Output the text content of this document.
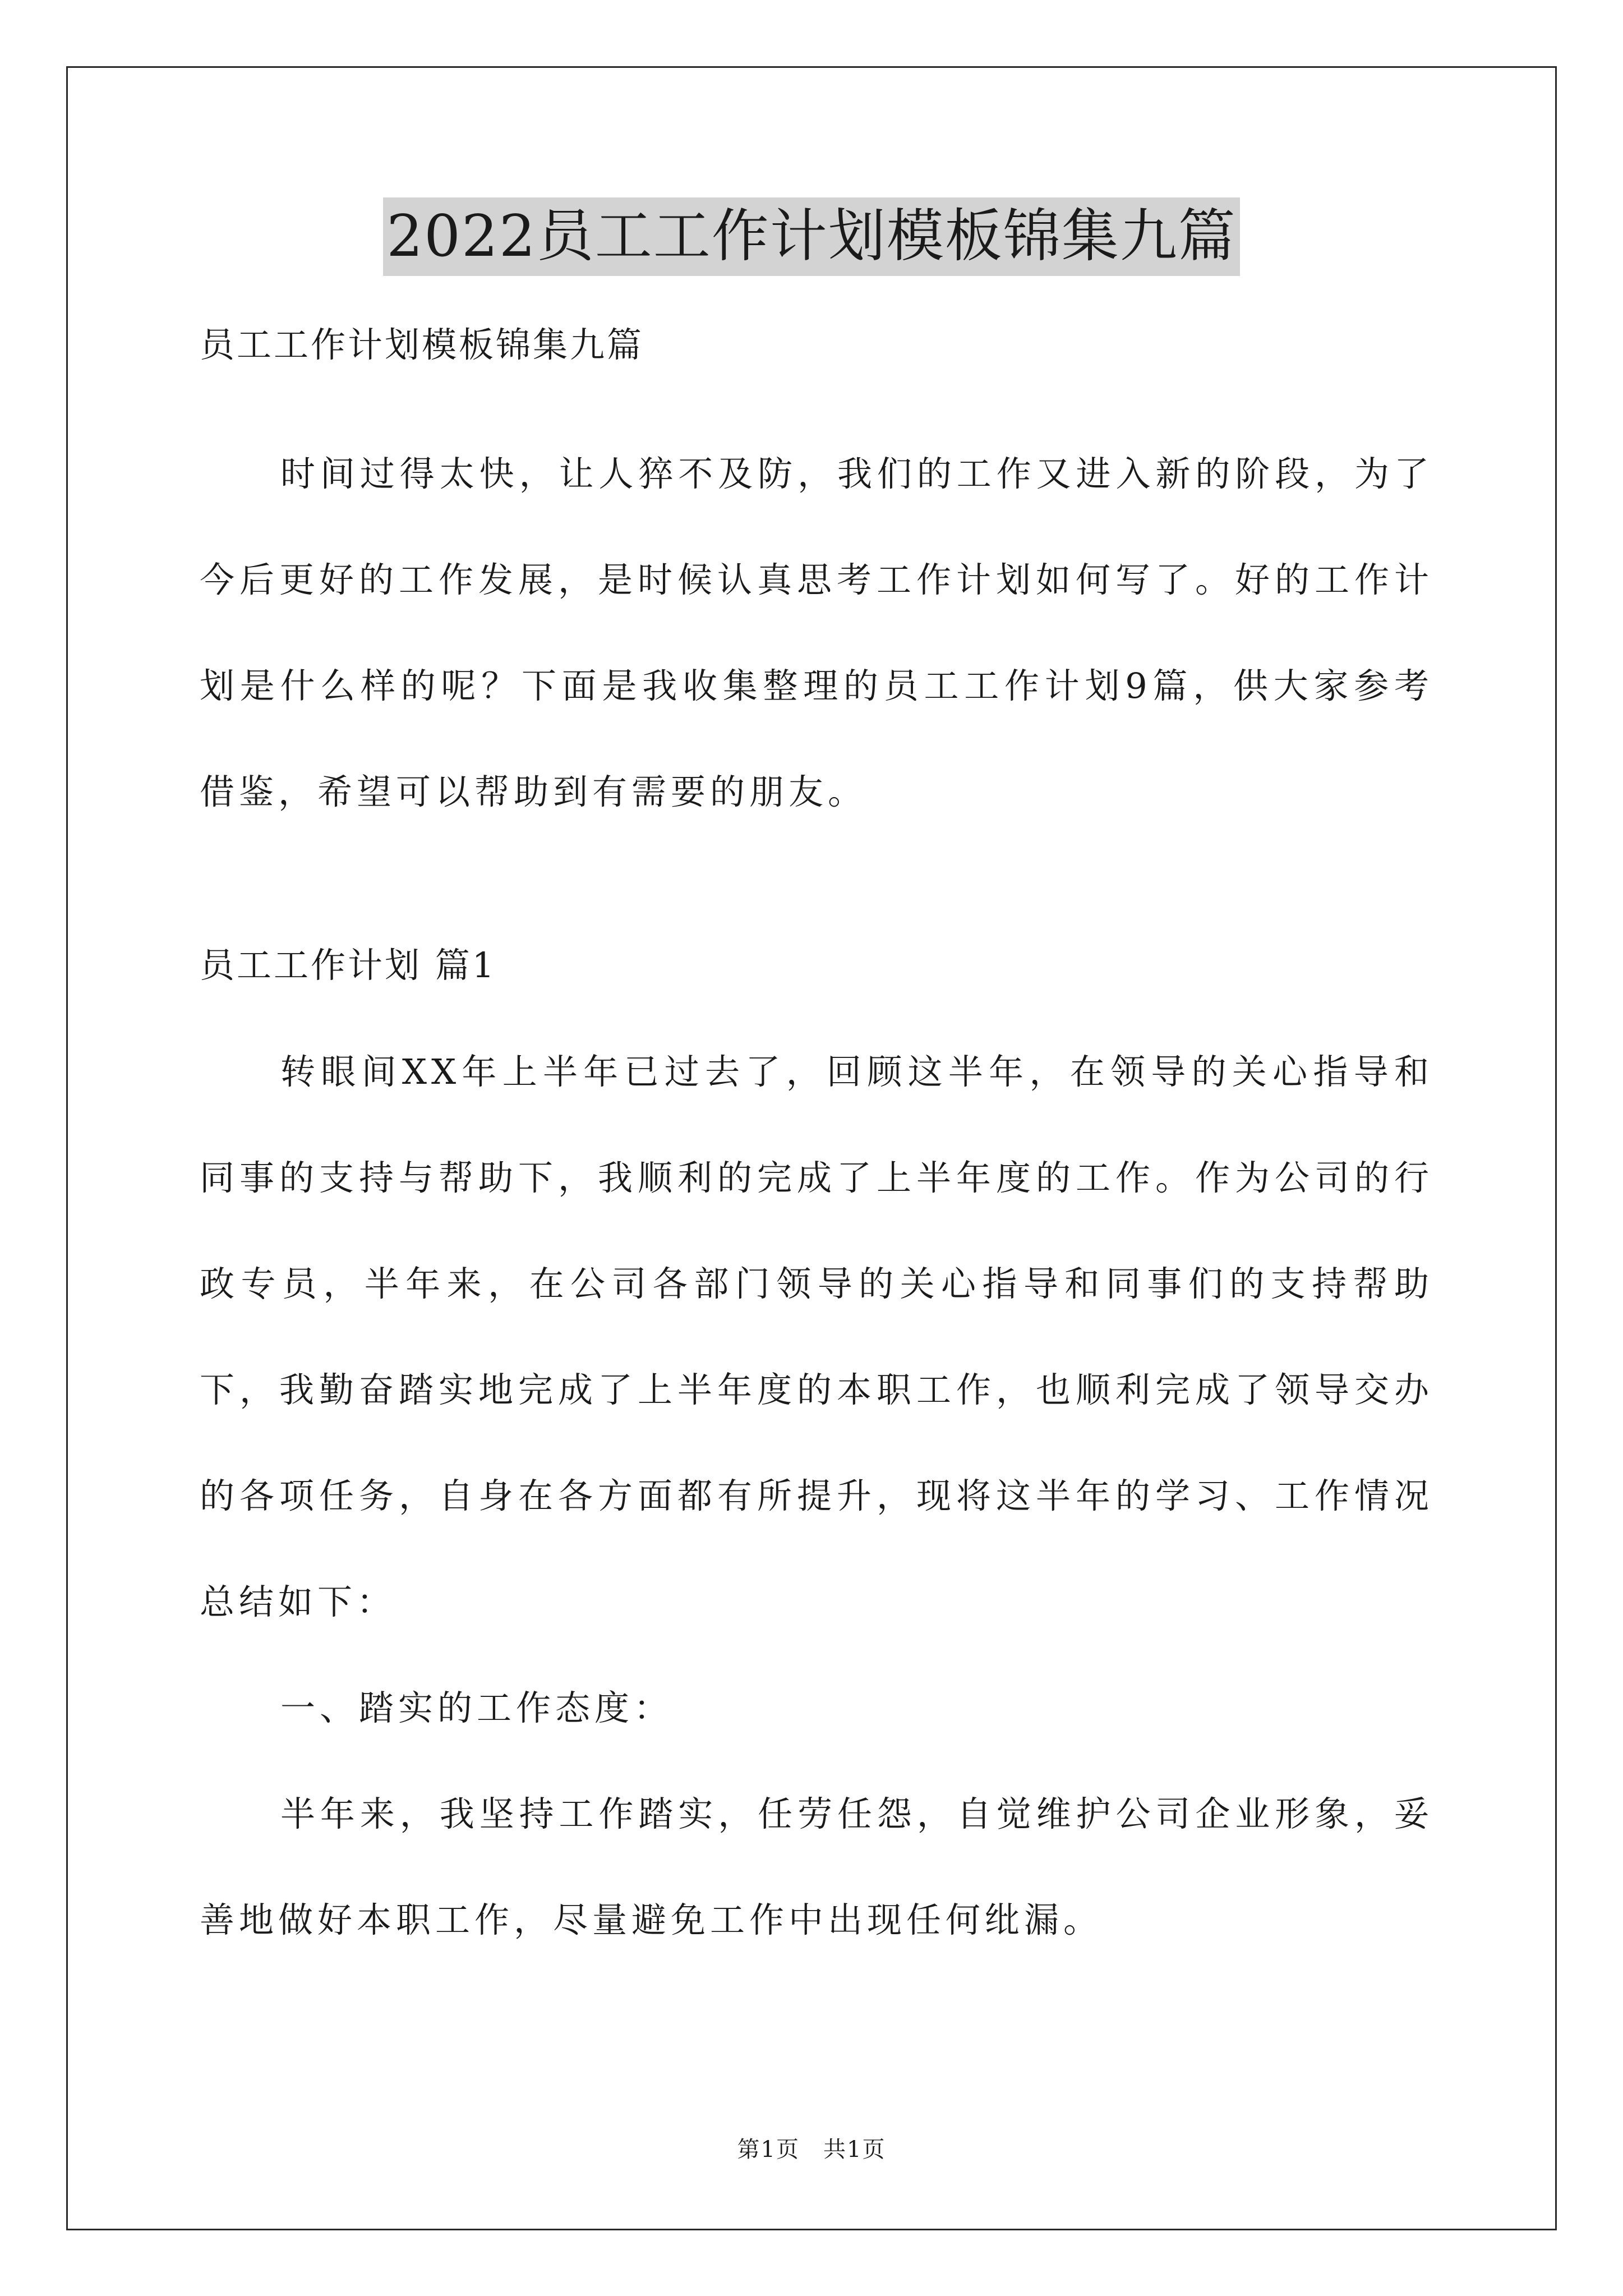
2022员工工作计划模板锦集九篇

员工工作计划模板锦集九篇

时间过得太快，让人猝不及防，我们的工作又进入新的阶段，为了今后更好的工作发展，是时候认真思考工作计划如何写了。好的工作计划是什么样的呢？下面是我收集整理的员工工作计划9篇，供大家参考借鉴，希望可以帮助到有需要的朋友。

员工工作计划 篇1

转眼间XX年上半年已过去了，回顾这半年，在领导的关心指导和同事的支持与帮助下，我顺利的完成了上半年度的工作。作为公司的行政专员，半年来，在公司各部门领导的关心指导和同事们的支持帮助下，我勤奋踏实地完成了上半年度的本职工作，也顺利完成了领导交办的各项任务，自身在各方面都有所提升，现将这半年的学习、工作情况总结如下：

一、踏实的工作态度：

半年来，我坚持工作踏实，任劳任怨，自觉维护公司企业形象，妥善地做好本职工作，尽量避免工作中出现任何纰漏。

第1页　共1页
